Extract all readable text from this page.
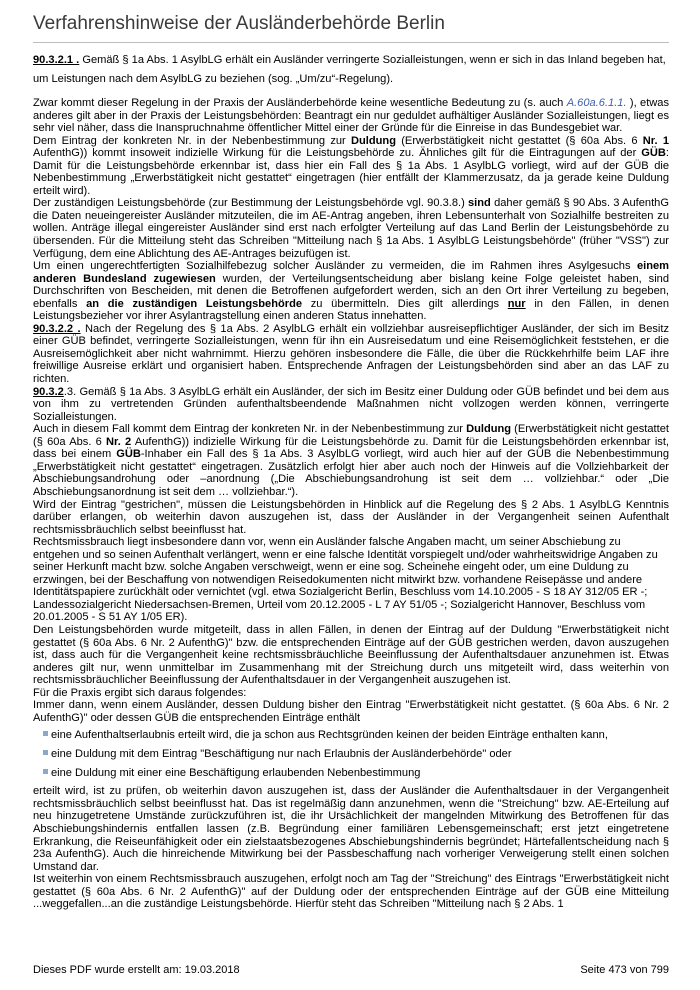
Verfahrenshinweise der Ausländerbehörde Berlin

90.3.2.1 . Gemäß § 1a Abs. 1 AsylbLG erhält ein Ausländer verringerte Sozialleistungen, wenn er sich in das Inland begeben hat, um Leistungen nach dem AsylbLG zu beziehen (sog. „Um/zu“-Regelung).

Zwar kommt dieser Regelung in der Praxis der Ausländerbehörde keine wesentliche Bedeutung zu (s. auch A.60a.6.1.1. ), etwas anderes gilt aber in der Praxis der Leistungsbehörden: Beantragt ein nur geduldet aufhältiger Ausländer Sozialleistungen, liegt es sehr viel näher, dass die Inanspruchnahme öffentlicher Mittel einer der Gründe für die Einreise in das Bundesgebiet war.

Dem Eintrag der konkreten Nr. in der Nebenbestimmung zur Duldung (Erwerbstätigkeit nicht gestattet (§ 60a Abs. 6 Nr. 1 AufenthG)) kommt insoweit indizielle Wirkung für die Leistungsbehörde zu. Ähnliches gilt für die Eintragungen auf der GÜB: Damit für die Leistungsbehörde erkennbar ist, dass hier ein Fall des § 1a Abs. 1 AsylbLG vorliegt, wird auf der GÜB die Nebenbestimmung „Erwerbstätigkeit nicht gestattet“ eingetragen (hier entfällt der Klammerzusatz, da ja gerade keine Duldung erteilt wird).

Der zuständigen Leistungsbehörde (zur Bestimmung der Leistungsbehörde vgl. 90.3.8.) sind daher gemäß § 90 Abs. 3 AufenthG die Daten neueingereister Ausländer mitzuteilen, die im AE-Antrag angeben, ihren Lebensunterhalt von Sozialhilfe bestreiten zu wollen. Anträge illegal eingereister Ausländer sind erst nach erfolgter Verteilung auf das Land Berlin der Leistungsbehörde zu übersenden. Für die Mitteilung steht das Schreiben "Mitteilung nach § 1a Abs. 1 AsylbLG Leistungsbehörde" (früher "VSS") zur Verfügung, dem eine Ablichtung des AE-Antrages beizufügen ist.

Um einen ungerechtfertigten Sozialhilfebezug solcher Ausländer zu vermeiden, die im Rahmen ihres Asylgesuchs einem anderen Bundesland zugewiesen wurden, der Verteilungsentscheidung aber bislang keine Folge geleistet haben, sind Durchschriften von Bescheiden, mit denen die Betroffenen aufgefordert werden, sich an den Ort ihrer Verteilung zu begeben, ebenfalls an die zuständigen Leistungsbehörde zu übermitteln. Dies gilt allerdings nur in den Fällen, in denen Leistungsbezieher vor ihrer Asylantragstellung einen anderen Status innehatten.

90.3.2.2 . Nach der Regelung des § 1a Abs. 2 AsylbLG erhält ein vollziehbar ausreisepflichtiger Ausländer, der sich im Besitz einer GÜB befindet, verringerte Sozialleistungen, wenn für ihn ein Ausreisedatum und eine Reisemöglichkeit feststehen, er die Ausreisemöglichkeit aber nicht wahrnimmt. Hierzu gehören insbesondere die Fälle, die über die Rückkehrhilfe beim LAF ihre freiwillige Ausreise erklärt und organisiert haben. Entsprechende Anfragen der Leistungsbehörden sind aber an das LAF zu richten.

90.3.2.3. Gemäß § 1a Abs. 3 AsylbLG erhält ein Ausländer, der sich im Besitz einer Duldung oder GÜB befindet und bei dem aus von ihm zu vertretenden Gründen aufenthaltsbeendende Maßnahmen nicht vollzogen werden können, verringerte Sozialleistungen.

Auch in diesem Fall kommt dem Eintrag der konkreten Nr. in der Nebenbestimmung zur Duldung (Erwerbstätigkeit nicht gestattet (§ 60a Abs. 6 Nr. 2 AufenthG)) indizielle Wirkung für die Leistungsbehörde zu. Damit für die Leistungsbehörden erkennbar ist, dass bei einem GÜB-Inhaber ein Fall des § 1a Abs. 3 AsylbLG vorliegt, wird auch hier auf der GÜB die Nebenbestimmung „Erwerbstätigkeit nicht gestattet“ eingetragen. Zusätzlich erfolgt hier aber auch noch der Hinweis auf die Vollziehbarkeit der Abschiebungsandrohung oder –anordnung („Die Abschiebungsandrohung ist seit dem … vollziehbar.“ oder „Die Abschiebungsanordnung ist seit dem … vollziehbar.“).

Wird der Eintrag "gestrichen", müssen die Leistungsbehörden in Hinblick auf die Regelung des § 2 Abs. 1 AsylbLG Kenntnis darüber erlangen, ob weiterhin davon auszugehen ist, dass der Ausländer in der Vergangenheit seinen Aufenthalt rechtsmissbräuchlich selbst beeinflusst hat.

Rechtsmissbrauch liegt insbesondere dann vor, wenn ein Ausländer falsche Angaben macht, um seiner Abschiebung zu entgehen und so seinen Aufenthalt verlängert, wenn er eine falsche Identität vorspiegelt und/oder wahrheitswidrige Angaben zu seiner Herkunft macht bzw. solche Angaben verschweigt, wenn er eine sog. Scheinehe eingeht oder, um eine Duldung zu erzwingen, bei der Beschaffung von notwendigen Reisedokumenten nicht mitwirkt bzw. vorhandene Reisepässe und andere Identitätspapiere zurückhält oder vernichtet (vgl. etwa Sozialgericht Berlin, Beschluss vom 14.10.2005 - S 18 AY 312/05 ER -; Landessozialgericht Niedersachsen-Bremen, Urteil vom 20.12.2005 - L 7 AY 51/05 -; Sozialgericht Hannover, Beschluss vom 20.01.2005 - S 51 AY 1/05 ER).

Den Leistungsbehörden wurde mitgeteilt, dass in allen Fällen, in denen der Eintrag auf der Duldung "Erwerbstätigkeit nicht gestattet (§ 60a Abs. 6 Nr. 2 AufenthG)" bzw. die entsprechenden Einträge auf der GÜB gestrichen werden, davon auszugehen ist, dass auch für die Vergangenheit keine rechtsmissbräuchliche Beeinflussung der Aufenthaltsdauer anzunehmen ist. Etwas anderes gilt nur, wenn unmittelbar im Zusammenhang mit der Streichung durch uns mitgeteilt wird, dass weiterhin von rechtsmissbräuchlicher Beeinflussung der Aufenthaltsdauer in der Vergangenheit auszugehen ist.

Für die Praxis ergibt sich daraus folgendes:

Immer dann, wenn einem Ausländer, dessen Duldung bisher den Eintrag "Erwerbstätigkeit nicht gestattet. (§ 60a Abs. 6 Nr. 2 AufenthG)" oder dessen GÜB die entsprechenden Einträge enthält

eine Aufenthaltserlaubnis erteilt wird, die ja schon aus Rechtsgründen keinen der beiden Einträge enthalten kann,
eine Duldung mit dem Eintrag "Beschäftigung nur nach Erlaubnis der Ausländerbehörde" oder
eine Duldung mit einer eine Beschäftigung erlaubenden Nebenbestimmung

erteilt wird, ist zu prüfen, ob weiterhin davon auszugehen ist, dass der Ausländer die Aufenthaltsdauer in der Vergangenheit rechtsmissbräuchlich selbst beeinflusst hat. Das ist regelmäßig dann anzunehmen, wenn die "Streichung" bzw. AE-Erteilung auf neu hinzugetretene Umstände zurückzuführen ist, die ihr Ursächlichkeit der mangelnden Mitwirkung des Betroffenen für das Abschiebungshindernis entfallen lassen (z.B. Begründung einer familiären Lebensgemeinschaft; erst jetzt eingetretene Erkrankung, die Reiseunfähigkeit oder ein zielstaatsbezogenes Abschiebungshindernis begründet; Härtefallentscheidung nach § 23a AufenthG). Auch die hinreichende Mitwirkung bei der Passbeschaffung nach vorheriger Verweigerung stellt einen solchen Umstand dar.

Ist weiterhin von einem Rechtsmissbrauch auszugehen, erfolgt noch am Tag der "Streichung" des Eintrags "Erwerbstätigkeit nicht gestattet (§ 60a Abs. 6 Nr. 2 AufenthG)" auf der Duldung oder der entsprechenden Einträge auf der GÜB eine Mitteilung ...weggefallen...an die zuständige Leistungsbehörde. Hierfür steht das Schreiben "Mitteilung nach § 2 Abs. 1

Dieses PDF wurde erstellt am: 19.03.2018	Seite 473 von 799
